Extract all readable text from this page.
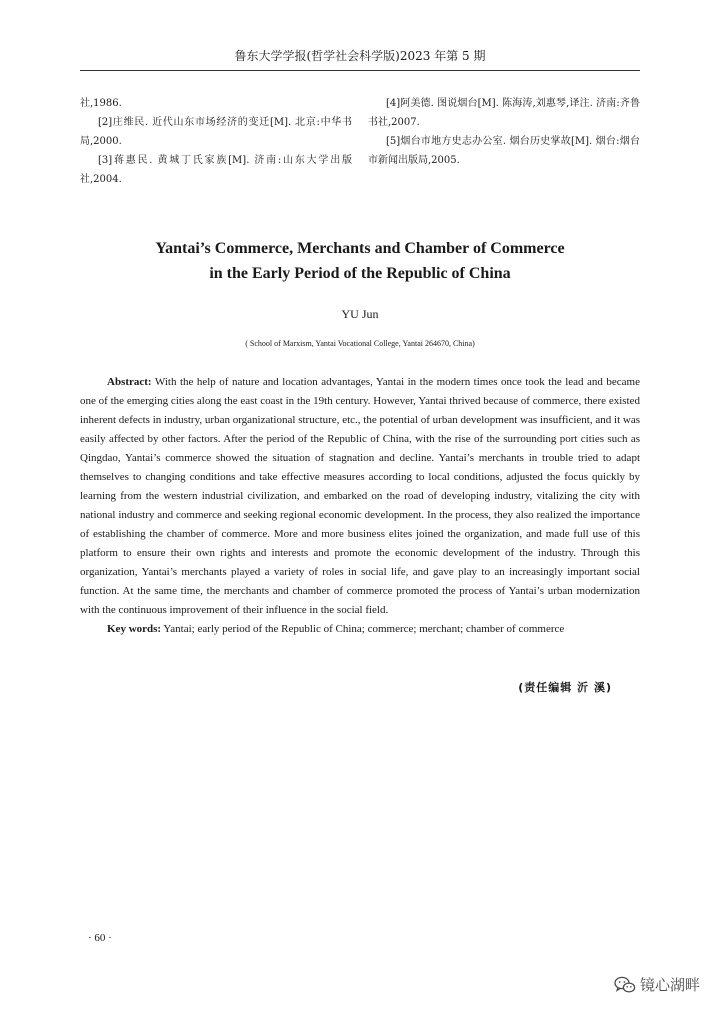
鲁东大学学报(哲学社会科学版)2023 年第 5 期

社,1986.

[2]庄维民. 近代山东市场经济的变迁[M]. 北京:中华书局,2000.

[3]蒋惠民. 黄城丁氏家族[M]. 济南:山东大学出版社,2004.

[4]阿美德. 图说烟台[M]. 陈海涛,刘惠琴,译注. 济南:齐鲁书社,2007.

[5]烟台市地方史志办公室. 烟台历史掌故[M]. 烟台:烟台市新闻出版局,2005.

Yantai’s Commerce, Merchants and Chamber of Commerce
in the Early Period of the Republic of China
YU Jun
( School of Marxism, Yantai Vocational College, Yantai 264670, China)

Abstract: With the help of nature and location advantages, Yantai in the modern times once took the lead and became one of the emerging cities along the east coast in the 19th century. However, Yantai thrived because of commerce, there existed inherent defects in industry, urban organizational structure, etc., the potential of urban development was insufficient, and it was easily affected by other factors. After the period of the Republic of China, with the rise of the surrounding port cities such as Qingdao, Yantai’s commerce showed the situation of stagnation and decline. Yantai’s merchants in trouble tried to adapt themselves to changing conditions and take effective measures according to local conditions, adjusted the focus quickly by learning from the western industrial civilization, and embarked on the road of developing industry, vitalizing the city with national industry and commerce and seeking regional economic development. In the process, they also realized the importance of establishing the chamber of commerce. More and more business elites joined the organization, and made full use of this platform to ensure their own rights and interests and promote the economic development of the industry. Through this organization, Yantai’s merchants played a variety of roles in social life, and gave play to an increasingly important social function. At the same time, the merchants and chamber of commerce promoted the process of Yantai’s urban modernization with the continuous improvement of their influence in the social field.

Key words: Yantai; early period of the Republic of China; commerce; merchant; chamber of commerce

(责任编辑 沂 溪)
· 60 ·
镜心湖畔
